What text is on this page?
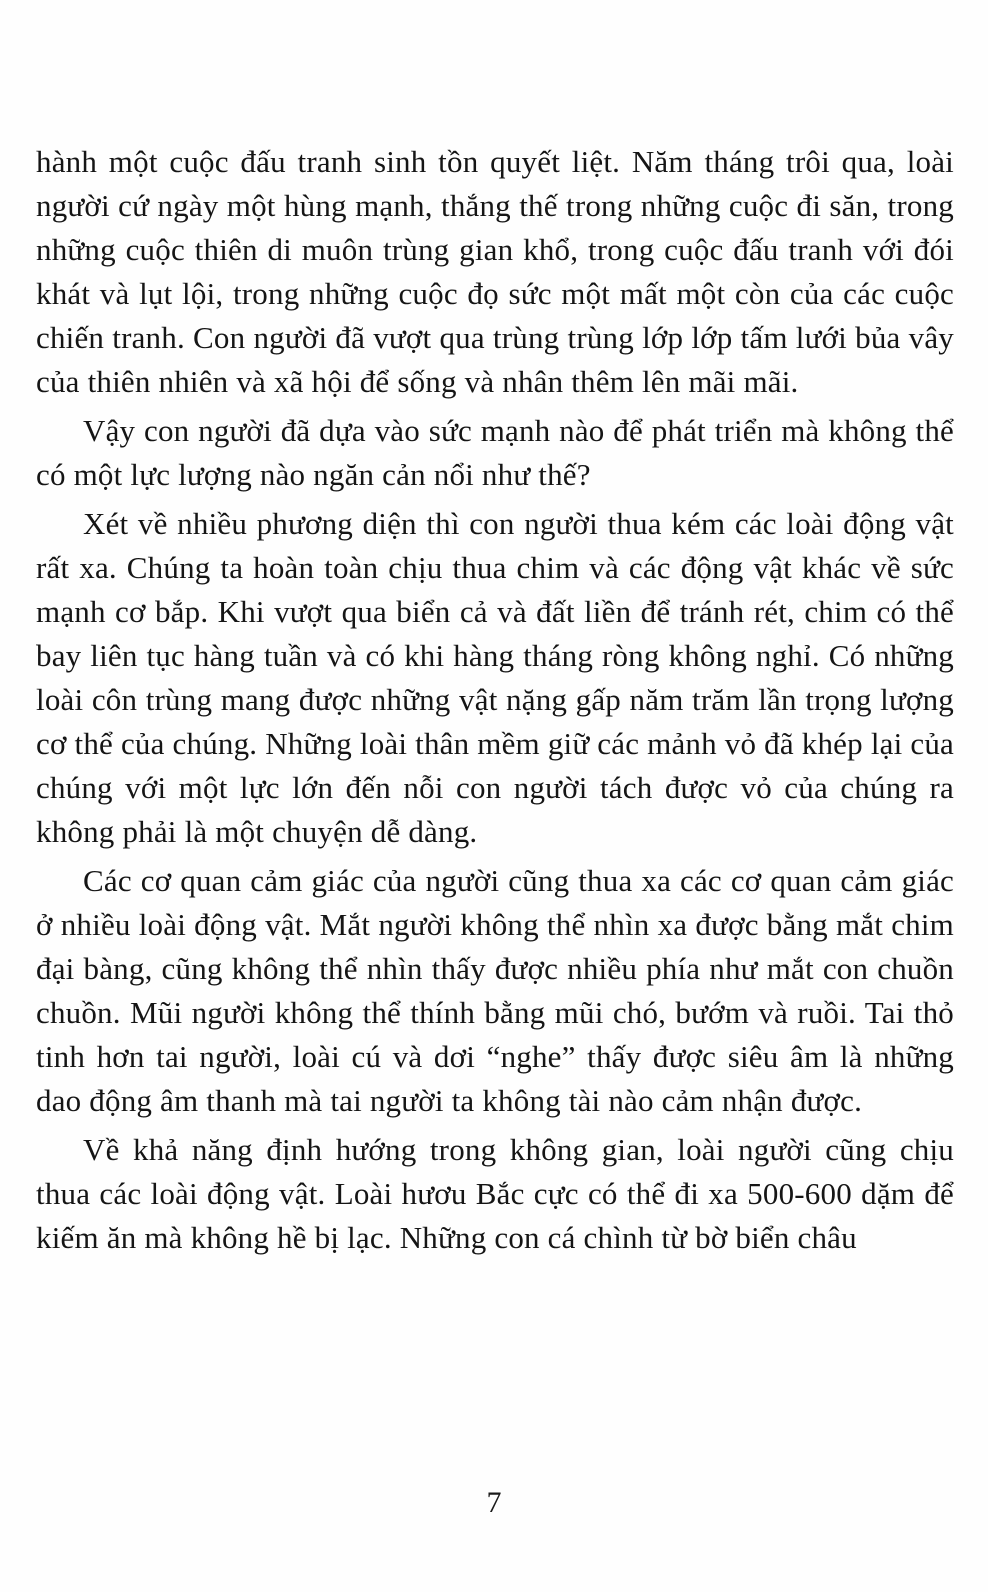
hành một cuộc đấu tranh sinh tồn quyết liệt. Năm tháng trôi qua, loài người cứ ngày một hùng mạnh, thắng thế trong những cuộc đi săn, trong những cuộc thiên di muôn trùng gian khổ, trong cuộc đấu tranh với đói khát và lụt lội, trong những cuộc đọ sức một mất một còn của các cuộc chiến tranh. Con người đã vượt qua trùng trùng lớp lớp tấm lưới bủa vây của thiên nhiên và xã hội để sống và nhân thêm lên mãi mãi.

Vậy con người đã dựa vào sức mạnh nào để phát triển mà không thể có một lực lượng nào ngăn cản nổi như thế?

Xét về nhiều phương diện thì con người thua kém các loài động vật rất xa. Chúng ta hoàn toàn chịu thua chim và các động vật khác về sức mạnh cơ bắp. Khi vượt qua biển cả và đất liền để tránh rét, chim có thể bay liên tục hàng tuần và có khi hàng tháng ròng không nghỉ. Có những loài côn trùng mang được những vật nặng gấp năm trăm lần trọng lượng cơ thể của chúng. Những loài thân mềm giữ các mảnh vỏ đã khép lại của chúng với một lực lớn đến nỗi con người tách được vỏ của chúng ra không phải là một chuyện dễ dàng.

Các cơ quan cảm giác của người cũng thua xa các cơ quan cảm giác ở nhiều loài động vật. Mắt người không thể nhìn xa được bằng mắt chim đại bàng, cũng không thể nhìn thấy được nhiều phía như mắt con chuồn chuồn. Mũi người không thể thính bằng mũi chó, bướm và ruồi. Tai thỏ tinh hơn tai người, loài cú và dơi “nghe” thấy được siêu âm là những dao động âm thanh mà tai người ta không tài nào cảm nhận được.

Về khả năng định hướng trong không gian, loài người cũng chịu thua các loài động vật. Loài hươu Bắc cực có thể đi xa 500-600 dặm để kiếm ăn mà không hề bị lạc. Những con cá chình từ bờ biển châu

7
